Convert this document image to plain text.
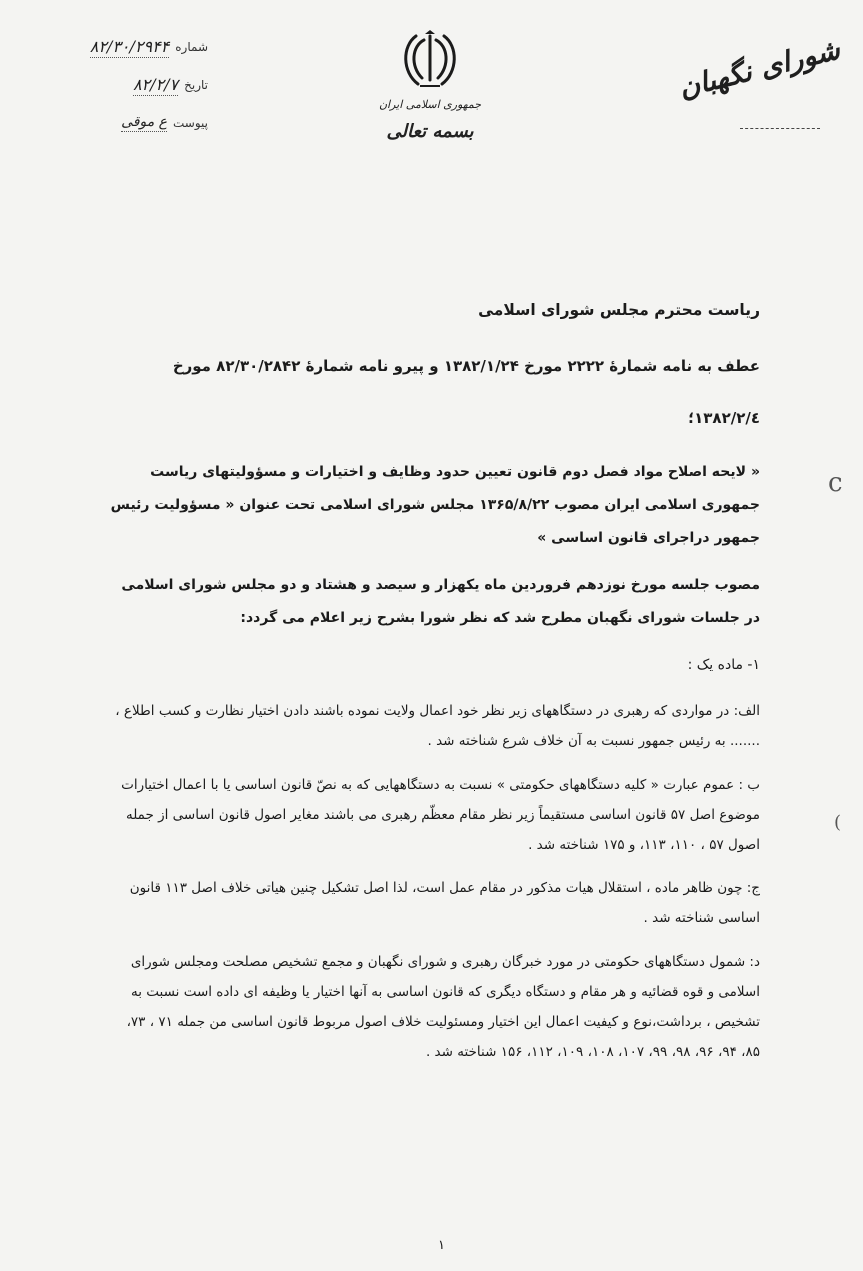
شماره
۸۲/۳۰/۲۹۴۴
تاریخ
۸۲/۲/۷
پیوست
ع موقی
جمهوری اسلامی ایران
بسمه تعالی
شورای نگهبان

ریاست محترم مجلس شورای اسلامی

عطف به نامه شمارۀ ۲۲۲۲ مورخ ۱۳۸۲/۱/۲۴ و پیرو نامه شمارۀ ۸۲/۳۰/۲۸۴۲ مورخ ۱۳۸۲/۲/٤؛

« لایحه اصلاح مواد فصل دوم قانون تعیین حدود وظایف و اختیارات و مسؤولیتهای ریاست جمهوری اسلامی ایران مصوب ۱۳۶۵/۸/۲۲ مجلس شورای اسلامی تحت عنوان « مسؤولیت رئیس جمهور دراجرای قانون اساسی »

مصوب جلسه مورخ نوزدهم فروردین ماه یکهزار و سیصد و هشتاد و دو مجلس شورای اسلامی در جلسات شورای نگهبان مطرح شد که نظر شورا بشرح زیر اعلام می گردد:

۱- ماده یک :

الف: در مواردی که رهبری در دستگاههای زیر نظر خود اعمال ولایت نموده باشند دادن اختیار نظارت و کسب اطلاع ، ....... به رئیس جمهور نسبت به آن خلاف شرع شناخته شد .

ب : عموم عبارت « کلیه دستگاههای حکومتی » نسبت به دستگاههایی که به نصّ قانون اساسی یا با اعمال اختیارات موضوع اصل ۵۷ قانون اساسی مستقیماً زیر نظر مقام معظّم رهبری می باشند مغایر اصول قانون اساسی از جمله اصول ۵۷ ، ۱۱۰، ۱۱۳، و ۱۷۵ شناخته شد .

ج: چون ظاهر ماده ، استقلال هیات مذکور در مقام عمل است، لذا اصل تشکیل چنین هیاتی خلاف اصل ۱۱۳ قانون اساسی شناخته شد .

د: شمول دستگاههای حکومتی در مورد خبرگان رهبری و شورای نگهبان و مجمع تشخیص مصلحت ومجلس شورای اسلامی و قوه قضائیه و هر مقام و دستگاه دیگری که قانون اساسی به آنها اختیار یا وظیفه ای داده است نسبت به تشخیص ، برداشت،نوع و کیفیت اعمال این اختیار ومسئولیت خلاف اصول مربوط قانون اساسی من جمله ۷۱ ، ۷۳، ۸۵، ۹۴، ۹۶، ۹۸، ۹۹، ۱۰۷، ۱۰۸، ۱۰۹، ۱۱۲، ۱۵۶ شناخته شد .

۱
c
(
